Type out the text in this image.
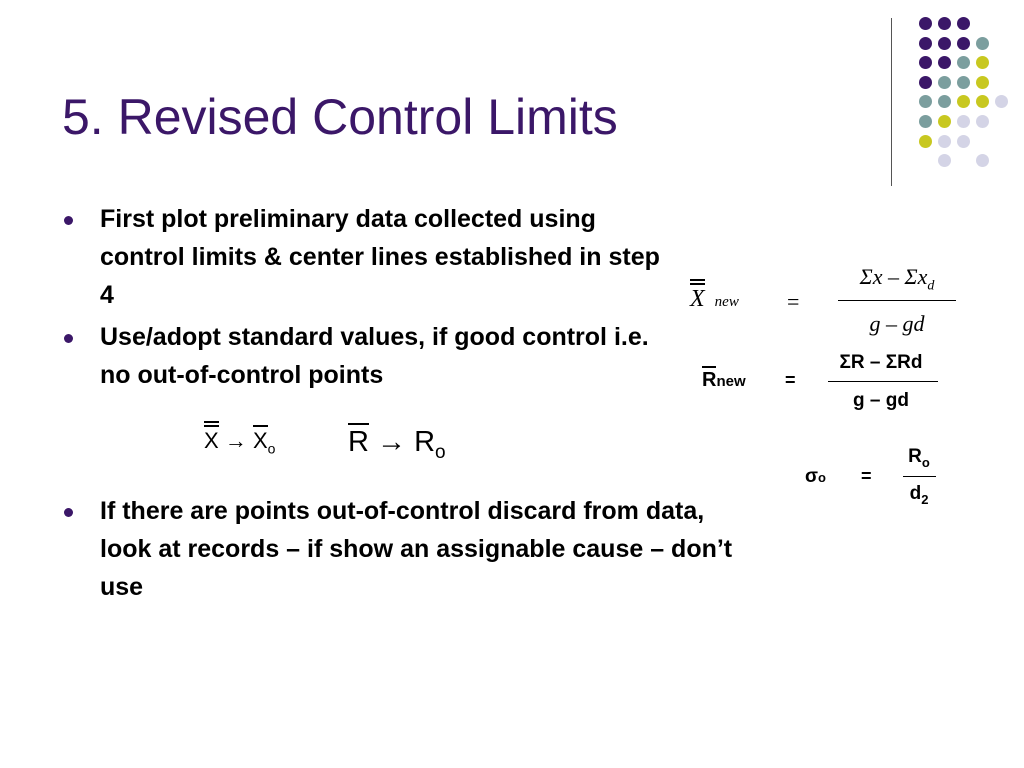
5. Revised Control Limits
First plot preliminary data collected using control limits & center lines established in step 4
Use/adopt standard values, if good control i.e. no out-of-control points
$X \to X_o$	$R \to R_o$
If there are points out-of-control discard from data, look at records – if show an assignable cause – don’t use
Xnew =
Σx – $\Sigma x_d$
g – gd
Rnew =
ΣR – ΣRd
g – gd
σo =
$R_o$
$d_2$
